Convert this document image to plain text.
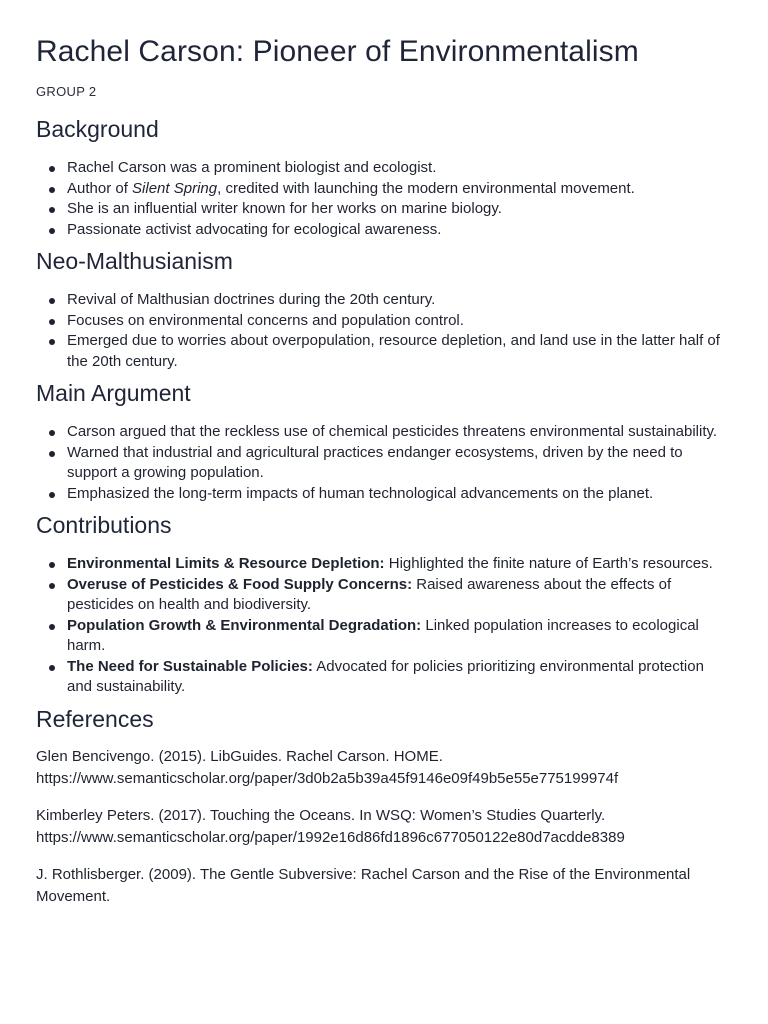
Rachel Carson: Pioneer of Environmentalism
GROUP 2
Background
Rachel Carson was a prominent biologist and ecologist.
Author of Silent Spring, credited with launching the modern environmental movement.
She is an influential writer known for her works on marine biology.
Passionate activist advocating for ecological awareness.
Neo-Malthusianism
Revival of Malthusian doctrines during the 20th century.
Focuses on environmental concerns and population control.
Emerged due to worries about overpopulation, resource depletion, and land use in the latter half of the 20th century.
Main Argument
Carson argued that the reckless use of chemical pesticides threatens environmental sustainability.
Warned that industrial and agricultural practices endanger ecosystems, driven by the need to support a growing population.
Emphasized the long-term impacts of human technological advancements on the planet.
Contributions
Environmental Limits & Resource Depletion: Highlighted the finite nature of Earth’s resources.
Overuse of Pesticides & Food Supply Concerns: Raised awareness about the effects of pesticides on health and biodiversity.
Population Growth & Environmental Degradation: Linked population increases to ecological harm.
The Need for Sustainable Policies: Advocated for policies prioritizing environmental protection and sustainability.
References

Glen Bencivengo. (2015). LibGuides. Rachel Carson. HOME.
https://www.semanticscholar.org/paper/3d0b2a5b39a45f9146e09f49b5e55e775199974f

Kimberley Peters. (2017). Touching the Oceans. In WSQ: Women’s Studies Quarterly.
https://www.semanticscholar.org/paper/1992e16d86fd1896c677050122e80d7acdde8389

J. Rothlisberger. (2009). The Gentle Subversive: Rachel Carson and the Rise of the Environmental Movement.
